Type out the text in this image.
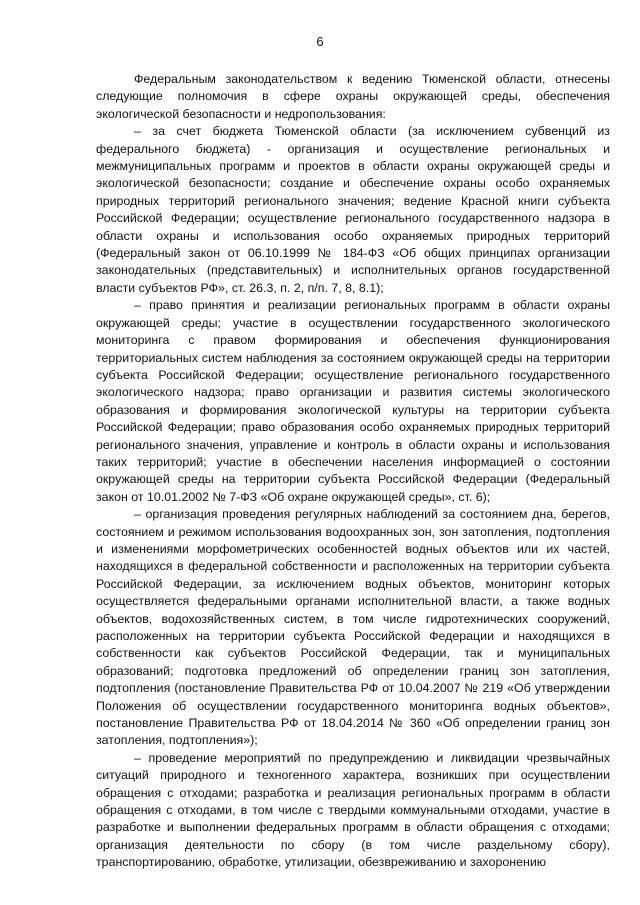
6

Федеральным законодательством к ведению Тюменской области, отнесены следующие полномочия в сфере охраны окружающей среды, обеспечения экологической безопасности и недропользования:

– за счет бюджета Тюменской области (за исключением субвенций из федерального бюджета) - организация и осуществление региональных и межмуниципальных программ и проектов в области охраны окружающей среды и экологической безопасности; создание и обеспечение охраны особо охраняемых природных территорий регионального значения; ведение Красной книги субъекта Российской Федерации; осуществление регионального государственного надзора в области охраны и использования особо охраняемых природных территорий (Федеральный закон от 06.10.1999 № 184-ФЗ «Об общих принципах организации законодательных (представительных) и исполнительных органов государственной власти субъектов РФ», ст. 26.3, п. 2, п/п. 7, 8, 8.1);

– право принятия и реализации региональных программ в области охраны окружающей среды; участие в осуществлении государственного экологического мониторинга с правом формирования и обеспечения функционирования территориальных систем наблюдения за состоянием окружающей среды на территории субъекта Российской Федерации; осуществление регионального государственного экологического надзора; право организации и развития системы экологического образования и формирования экологической культуры на территории субъекта Российской Федерации; право образования особо охраняемых природных территорий регионального значения, управление и контроль в области охраны и использования таких территорий; участие в обеспечении населения информацией о состоянии окружающей среды на территории субъекта Российской Федерации (Федеральный закон от 10.01.2002 № 7-ФЗ «Об охране окружающей среды», ст. 6);

– организация проведения регулярных наблюдений за состоянием дна, берегов, состоянием и режимом использования водоохранных зон, зон затопления, подтопления и изменениями морфометрических особенностей водных объектов или их частей, находящихся в федеральной собственности и расположенных на территории субъекта Российской Федерации, за исключением водных объектов, мониторинг которых осуществляется федеральными органами исполнительной власти, а также водных объектов, водохозяйственных систем, в том числе гидротехнических сооружений, расположенных на территории субъекта Российской Федерации и находящихся в собственности как субъектов Российской Федерации, так и муниципальных образований; подготовка предложений об определении границ зон затопления, подтопления (постановление Правительства РФ от 10.04.2007 № 219 «Об утверждении Положения об осуществлении государственного мониторинга водных объектов», постановление Правительства РФ от 18.04.2014 № 360 «Об определении границ зон затопления, подтопления»);

– проведение мероприятий по предупреждению и ликвидации чрезвычайных ситуаций природного и техногенного характера, возникших при осуществлении обращения с отходами; разработка и реализация региональных программ в области обращения с отходами, в том числе с твердыми коммунальными отходами, участие в разработке и выполнении федеральных программ в области обращения с отходами; организация деятельности по сбору (в том числе раздельному сбору), транспортированию, обработке, утилизации, обезвреживанию и захоронению
